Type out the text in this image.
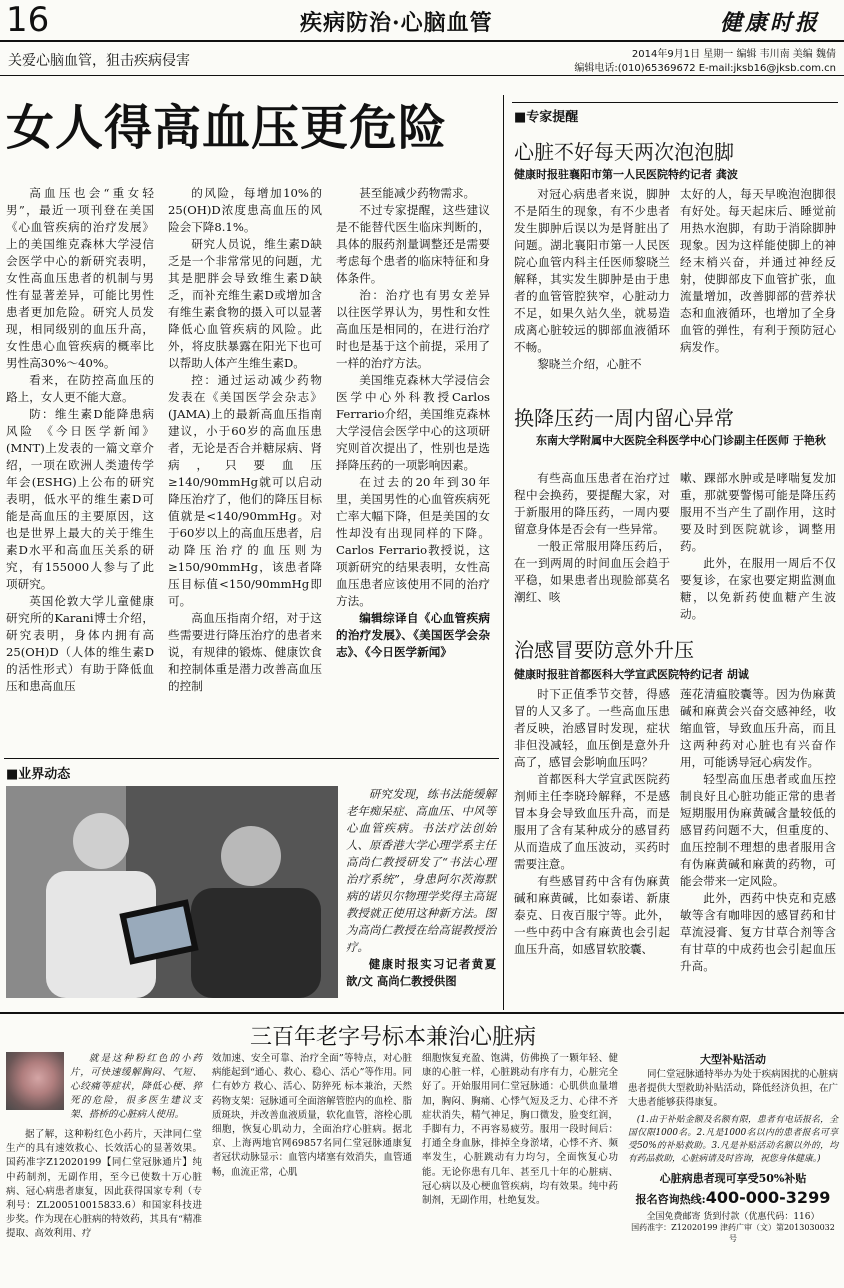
16	疾病防治·心脑血管	健康时报
关爱心脑血管，狙击疾病侵害	2014年9月1日 星期一 编辑 韦川南 美编 魏倩
编辑电话:(010)65369672 E-mail:jksb16@jksb.com.cn
女人得高血压更危险

高血压也会“重女轻男”，最近一项刊登在美国《心血管疾病的治疗发展》上的美国维克森林大学浸信会医学中心的新研究表明，女性高血压患者的机制与男性有显著差异，可能比男性患者更加危险。研究人员发现，相同级别的血压升高，女性患心血管疾病的概率比男性高30%～40%。

看来，在防控高血压的路上，女人更不能大意。

防：维生素D能降患病风险 《今日医学新闻》(MNT)上发表的一篇文章介绍，一项在欧洲人类遗传学年会(ESHG)上公布的研究表明，低水平的维生素D可能是高血压的主要原因，这也是世界上最大的关于维生素D水平和高血压关系的研究，有155000人参与了此项研究。

英国伦敦大学儿童健康研究所的Karani博士介绍，研究表明，身体内拥有高25(OH)D（人体的维生素D的活性形式）有助于降低血压和患高血压

的风险，每增加10%的25(OH)D浓度患高血压的风险会下降8.1%。

研究人员说，维生素D缺乏是一个非常常见的问题，尤其是肥胖会导致维生素D缺乏，而补充维生素D或增加含有维生素食物的摄入可以显著降低心血管疾病的风险。此外，将皮肤暴露在阳光下也可以帮助人体产生维生素D。

控：通过运动减少药物 发表在《美国医学会杂志》(JAMA)上的最新高血压指南建议，小于60岁的高血压患者，无论是否合并糖尿病、肾病，只要血压≥140/90mmHg就可以启动降压治疗了，他们的降压目标值就是<140/90mmHg。对于60岁以上的高血压患者，启动降压治疗的血压则为≥150/90mmHg，该患者降压目标值<150/90mmHg即可。

高血压指南介绍，对于这些需要进行降压治疗的患者来说，有规律的锻炼、健康饮食和控制体重是潜力改善高血压的控制

甚至能减少药物需求。

不过专家提醒，这些建议是不能替代医生临床判断的，具体的服药剂量调整还是需要考虑每个患者的临床特征和身体条件。

治：治疗也有男女差异 以往医学界认为，男性和女性高血压是相同的，在进行治疗时也是基于这个前提，采用了一样的治疗方法。

美国维克森林大学浸信会医学中心外科教授Carlos Ferrario介绍，美国维克森林大学浸信会医学中心的这项研究则首次提出了，性别也是选择降压药的一项影响因素。

在过去的20年到30年里，美国男性的心血管疾病死亡率大幅下降，但是美国的女性却没有出现同样的下降。Carlos Ferrario教授说，这项新研究的结果表明，女性高血压患者应该使用不同的治疗方法。

编辑综译自《心血管疾病的治疗发展》、《美国医学会杂志》、《今日医学新闻》

■业界动态

研究发现，练书法能缓解老年痴呆症、高血压、中风等心血管疾病。书法疗法创始人、原香港大学心理学系主任高尚仁教授研发了“书法心理治疗系统”，身患阿尔茨海默病的诺贝尔物理学奖得主高锟教授就正使用这种新方法。图为高尚仁教授在给高锟教授治疗。

健康时报实习记者黄夏歆/文 高尚仁教授供图

■专家提醒
心脏不好每天两次泡泡脚
健康时报驻襄阳市第一人民医院特约记者 龚波

对冠心病患者来说，脚肿不是陌生的现象，有不少患者发生脚肿后误以为是肾脏出了问题。湖北襄阳市第一人民医院心血管内科主任医师黎晓兰解释，其实发生脚肿是由于患者的血管管腔狭窄，心脏动力不足，如果久站久坐，就易造成离心脏较远的脚部血液循环不畅。

黎晓兰介绍，心脏不

太好的人，每天早晚泡泡脚很有好处。每天起床后、睡觉前用热水泡脚，有助于消除脚肿现象。因为这样能使脚上的神经末梢兴奋，并通过神经反射，使脚部皮下血管扩张，血流量增加，改善脚部的营养状态和血液循环，也增加了全身血管的弹性，有利于预防冠心病发作。

换降压药一周内留心异常
东南大学附属中大医院全科医学中心门诊副主任医师 于艳秋

有些高血压患者在治疗过程中会换药，要提醒大家，对于新服用的降压药，一周内要留意身体是否会有一些异常。

一般正常服用降压药后，在一到两周的时间血压会趋于平稳，如果患者出现脸部莫名潮红、咳

嗽、踝部水肿或是哮喘复发加重，那就要警惕可能是降压药服用不当产生了副作用，这时要及时到医院就诊，调整用药。

此外，在服用一周后不仅要复诊，在家也要定期监测血糖，以免新药使血糖产生波动。

治感冒要防意外升压
健康时报驻首都医科大学宣武医院特约记者 胡诚

时下正值季节交替，得感冒的人又多了。一些高血压患者反映，治感冒时发现，症状非但没减轻，血压倒是意外升高了，感冒会影响血压吗？

首都医科大学宣武医院药剂师主任李晓玲解释，不是感冒本身会导致血压升高，而是服用了含有某种成分的感冒药从而造成了血压波动，买药时需要注意。

有些感冒药中含有伪麻黄碱和麻黄碱，比如泰诺、新康泰克、日夜百服宁等。此外，一些中药中含有麻黄也会引起血压升高，如感冒软胶囊、

莲花清瘟胶囊等。因为伪麻黄碱和麻黄会兴奋交感神经，收缩血管，导致血压升高，而且这两种药对心脏也有兴奋作用，可能诱导冠心病发作。

轻型高血压患者或血压控制良好且心脏功能正常的患者短期服用伪麻黄碱含量较低的感冒药问题不大，但重度的、血压控制不理想的患者服用含有伪麻黄碱和麻黄的药物，可能会带来一定风险。

此外，西药中快克和克感敏等含有咖啡因的感冒药和甘草流浸膏、复方甘草合剂等含有甘草的中成药也会引起血压升高。

三百年老字号标本兼治心脏病
就是这种粉红色的小药片，可快速缓解胸闷、气短、心绞痛等症状，降低心梗、猝死的危险，很多医生建议支架、搭桥的心脏病人使用。
据了解，这种粉红色小药片，天津同仁堂生产的具有速效救心、长效活心的显著效果。国药准字Z12020199【同仁堂冠脉通片】纯中药制剂，无副作用，至今已使数十万心脏病、冠心病患者康复，因此获得国家专利（专利号：ZL200510015833.6）和国家科技进步奖。作为现在心脏病的特效药，其具有“精准提取、高效利用、疗
效加速、安全可靠、治疗全面”等特点，对心脏病能起到“通心、救心、稳心、活心”等作用。同仁有妙方 救心、活心、防猝死 标本兼治，天然药物支架：冠脉通可全面溶解管腔内的血栓、脂质斑块，并改善血液质量，软化血管，溶栓心肌细胞，恢复心肌动力，全面治疗心脏病。据北京、上海两地官网69857名同仁堂冠脉通康复者冠状动脉显示：血管内堵塞有效消失，血管通畅，血流正常，心肌
细胞恢复充盈、饱满，仿佛换了一颗年轻、健康的心脏一样，心脏跳动有序有力，心脏完全好了。开始服用同仁堂冠脉通：心肌供血量增加，胸闷、胸痛、心悸气短及乏力、心律不齐症状消失，精气神足，胸口微发，脸变红润，手脚有力，不再容易疲劳。服用一段时间后：打通全身血脉，排掉全身淤堵，心悸不齐、频率发生，心脏跳动有力均匀，全面恢复心功能。无论你患有几年、甚至几十年的心脏病、冠心病以及心梗血管疾病，均有效果。纯中药制剂，无副作用，杜绝复发。
大型补贴活动
同仁堂冠脉通特举办为处于疾病困扰的心脏病患者提供大型救助补贴活动，降低经济负担，在广大患者能够获得康复。
(1.由于补贴金额及名额有限，患者有电话报名，全国仅限1000名。2.凡是1000名以内的患者报名可享受50%的补贴救助。3.凡是补贴活动名额以外的，均有药品救助，心脏病请及时咨询，祝您身体健康。)
心脏病患者现可享受50%补贴
报名咨询热线:400-000-3299
全国免费邮寄 货到付款（优惠代码：116）
国药准字：Z12020199 津药广审（文）第2013030032号
